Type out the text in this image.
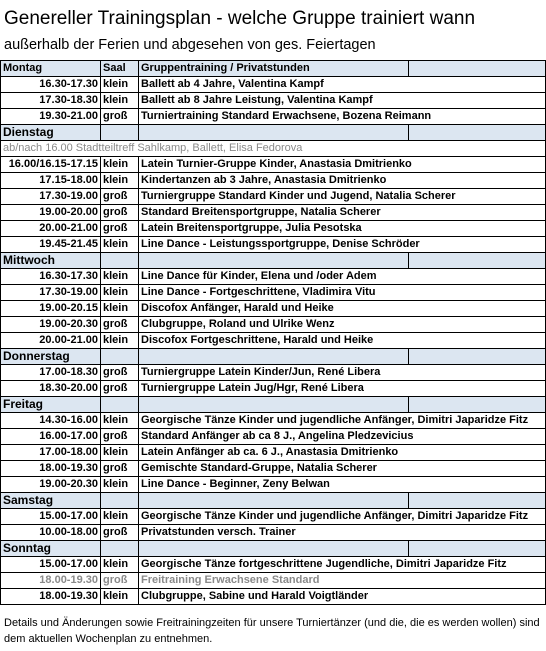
Genereller Trainingsplan - welche Gruppe trainiert wann
außerhalb der Ferien und abgesehen von ges. Feiertagen
Montag	Saal	Gruppentraining / Privatstunden	
16.30-17.30	klein	Ballett ab 4 Jahre, Valentina Kampf	
17.30-18.30	klein	Ballett ab 8 Jahre Leistung, Valentina Kampf	
19.30-21.00	groß	Turniertraining Standard Erwachsene, Bozena Reimann	
Dienstag			
ab/nach 16.00 Stadtteiltreff Sahlkamp, Ballett, Elisa Fedorova			
16.00/16.15-17.15	klein	Latein Turnier-Gruppe Kinder, Anastasia Dmitrienko	
17.15-18.00	klein	Kindertanzen ab 3 Jahre, Anastasia Dmitrienko	
17.30-19.00	groß	Turniergruppe Standard Kinder und Jugend, Natalia Scherer	
19.00-20.00	groß	Standard Breitensportgruppe, Natalia Scherer	
20.00-21.00	groß	Latein Breitensportgruppe, Julia Pesotska	
19.45-21.45	klein	Line Dance - Leistungssportgruppe, Denise Schröder	
Mittwoch			
16.30-17.30	klein	Line Dance für Kinder, Elena und /oder Adem	
17.30-19.00	klein	Line Dance - Fortgeschrittene, Vladimira Vitu	
19.00-20.15	klein	Discofox Anfänger, Harald und Heike	
19.00-20.30	groß	Clubgruppe, Roland und Ulrike Wenz	
20.00-21.00	klein	Discofox Fortgeschrittene, Harald und Heike	
Donnerstag			
17.00-18.30	groß	Turniergruppe Latein Kinder/Jun, René Libera	
18.30-20.00	groß	Turniergruppe Latein Jug/Hgr, René Libera	
Freitag			
14.30-16.00	klein	Georgische Tänze Kinder und jugendliche Anfänger, Dimitri Japaridze Fitz	
16.00-17.00	groß	Standard Anfänger ab ca 8 J., Angelina Pledzevicius	
17.00-18.00	klein	Latein Anfänger ab ca. 6 J., Anastasia Dmitrienko	
18.00-19.30	groß	Gemischte Standard-Gruppe, Natalia Scherer	
19.00-20.30	klein	Line Dance - Beginner, Zeny Belwan	
Samstag			
15.00-17.00	klein	Georgische Tänze Kinder und jugendliche Anfänger, Dimitri Japaridze Fitz	
10.00-18.00	groß	Privatstunden versch. Trainer	
Sonntag			
15.00-17.00	klein	Georgische Tänze fortgeschrittene Jugendliche, Dimitri Japaridze Fitz	
18.00-19.30	groß	Freitraining Erwachsene Standard	
18.00-19.30	klein	Clubgruppe, Sabine und Harald Voigtländer	
Details und Änderungen sowie Freitrainingzeiten für unsere Turniertänzer (und die, die es werden wollen) sind dem aktuellen Wochenplan zu entnehmen.
